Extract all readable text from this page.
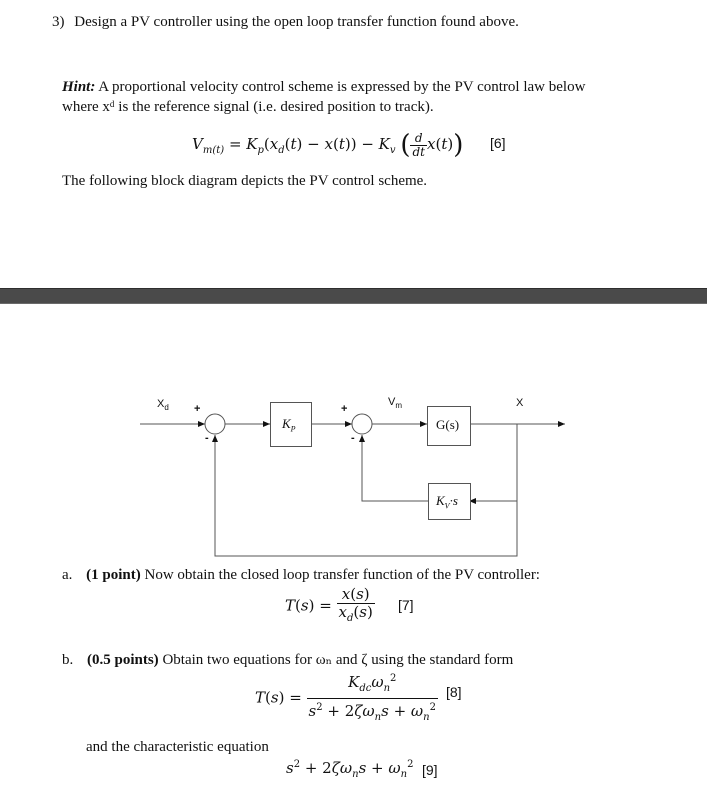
3) Design a PV controller using the open loop transfer function found above.
Hint: A proportional velocity control scheme is expressed by the PV control law below
where xᵈ is the reference signal (i.e. desired position to track).
$V_{m(t)} = K_p(x_d(t) - x(t)) - K_v$ ( $\frac{d}{dt} x(t)$) [6]
The following block diagram depicts the PV control scheme.
$K_P$	G(s)
$K_V\cdot s$
$X_d$	$V_m$	X
+
-
+
-
a. (1 point) Now obtain the closed loop transfer function of the PV controller:
$T(s) = \frac{x(s)}{x_d(s)} [7]$
b. (0.5 points) Obtain two equations for ωₙ and ζ using the standard form
$T(s) = \frac{K_{dc}\omega_n^2}{s^2 + 2\zeta\omega_ns + \omega_n^2} [8]$
and the characteristic equation
$s^2 + 2\zeta\omega_ns + \omega_n^2$ [9]
